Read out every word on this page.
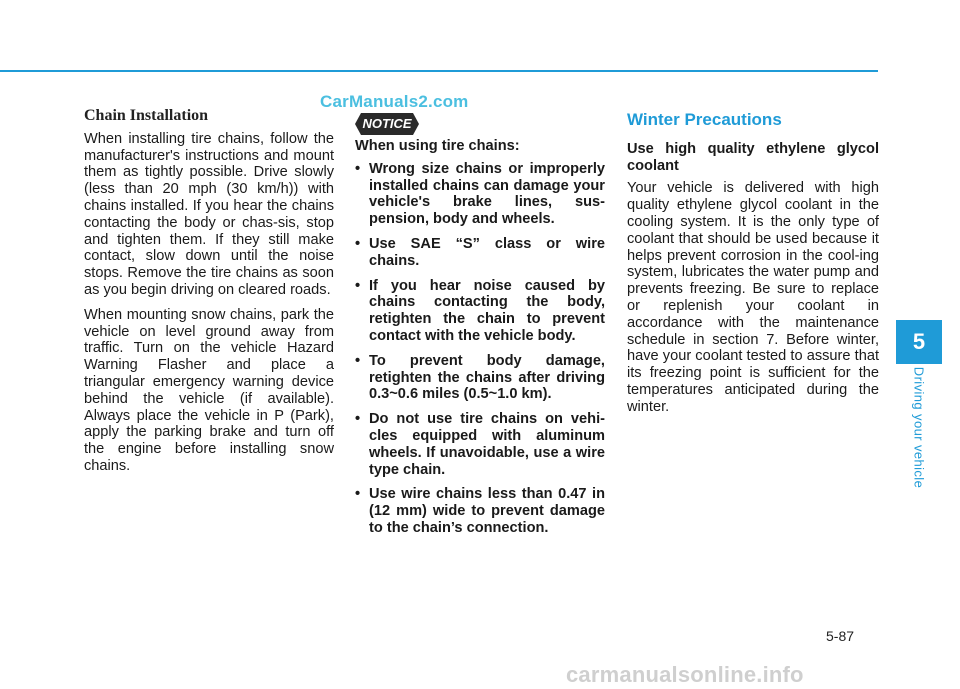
CarManuals2.com
Chain Installation

When installing tire chains, follow the manufacturer's instructions and mount them as tightly possible. Drive slowly (less than 20 mph (30 km/h)) with chains installed. If you hear the chains contacting the body or chas-sis, stop and tighten them. If they still make contact, slow down until the noise stops. Remove the tire chains as soon as you begin driving on cleared roads.

When mounting snow chains, park the vehicle on level ground away from traffic. Turn on the vehicle Hazard Warning Flasher and place a triangular emergency warning device behind the vehicle (if available). Always place the vehicle in P (Park), apply the parking brake and turn off the engine before installing snow chains.

NOTICE
When using tire chains:
• Wrong size chains or improperly installed chains can damage your vehicle's brake lines, sus-pension, body and wheels.
• Use SAE “S” class or wire chains.
• If you hear noise caused by chains contacting the body, retighten the chain to prevent contact with the vehicle body.
• To prevent body damage, retighten the chains after driving 0.3~0.6 miles (0.5~1.0 km).
• Do not use tire chains on vehi-cles equipped with aluminum wheels. If unavoidable, use a wire type chain.
• Use wire chains less than 0.47 in (12 mm) wide to prevent damage to the chain’s connection.
Winter Precautions
Use high quality ethylene glycol coolant

Your vehicle is delivered with high quality ethylene glycol coolant in the cooling system. It is the only type of coolant that should be used because it helps prevent corrosion in the cool-ing system, lubricates the water pump and prevents freezing. Be sure to replace or replenish your coolant in accordance with the maintenance schedule in section 7. Before winter, have your coolant tested to assure that its freezing point is sufficient for the temperatures anticipated during the winter.

5
Driving your vehicle
5-87
carmanualsonline.info
